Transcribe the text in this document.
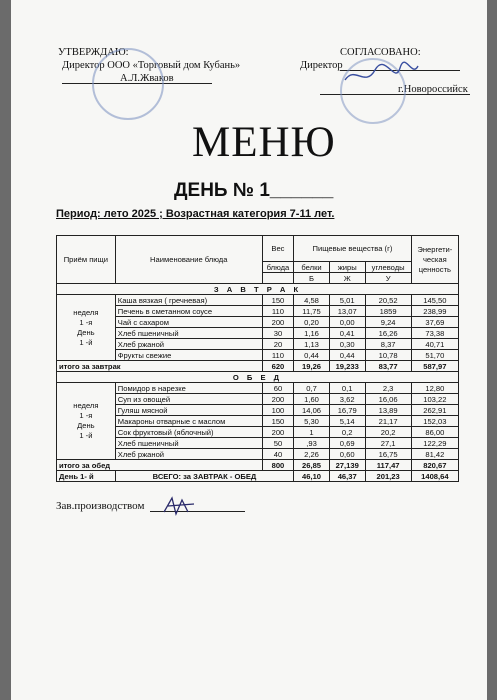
УТВЕРЖДАЮ:
Директор ООО «Торговый дом Кубань»
А.Л.Жваков
СОГЛАСОВАНО:
Директор
г.Новороссийск
МЕНЮ
ДЕНЬ № 1______
Период: лето 2025 ; Возрастная категория 7-11 лет.
Приём пищи	Наименование блюда	Вес	Пищевые вещества (г)			Энергети-ческая ценность
		блюда	белки	жиры	углеводы	
			Б	Ж	У	
З А В Т Р А К						

неделя
1 -я
День
1 -й	Каша вязкая ( гречневая)	150	4,58	5,01	20,52	145,50
	Печень в сметанном соусе	110	11,75	13,07	1859	238,99
	Чай с сахаром	200	0,20	0,00	9,24	37,69
	Хлеб пшеничный	30	1,16	0,41	16,26	73,38
	Хлеб ржаной	20	1,13	0,30	8,37	40,71
	Фрукты свежие	110	0,44	0,44	10,78	51,70
итого за завтрак		620	19,26	19,233	83,77	587,97
О Б Е Д						

неделя
1 -я
День
1 -й	Помидор в нарезке	60	0,7	0,1	2,3	12,80
	Суп из овощей	200	1,60	3,62	16,06	103,22
	Гуляш мясной	100	14,06	16,79	13,89	262,91
	Макароны отварные с маслом	150	5,30	5,14	21,17	152,03
	Сок фруктовый (яблочный)	200	1	0,2	20,2	86,00
	Хлеб пшеничный	50	,93	0,69	27,1	122,29
	Хлеб ржаной	40	2,26	0,60	16,75	81,42
итого за обед		800	26,85	27,139	117,47	820,67
День 1- й	ВСЕГО: за ЗАВТРАК - ОБЕД		46,10	46,37	201,23	1408,64
Зав.производством
